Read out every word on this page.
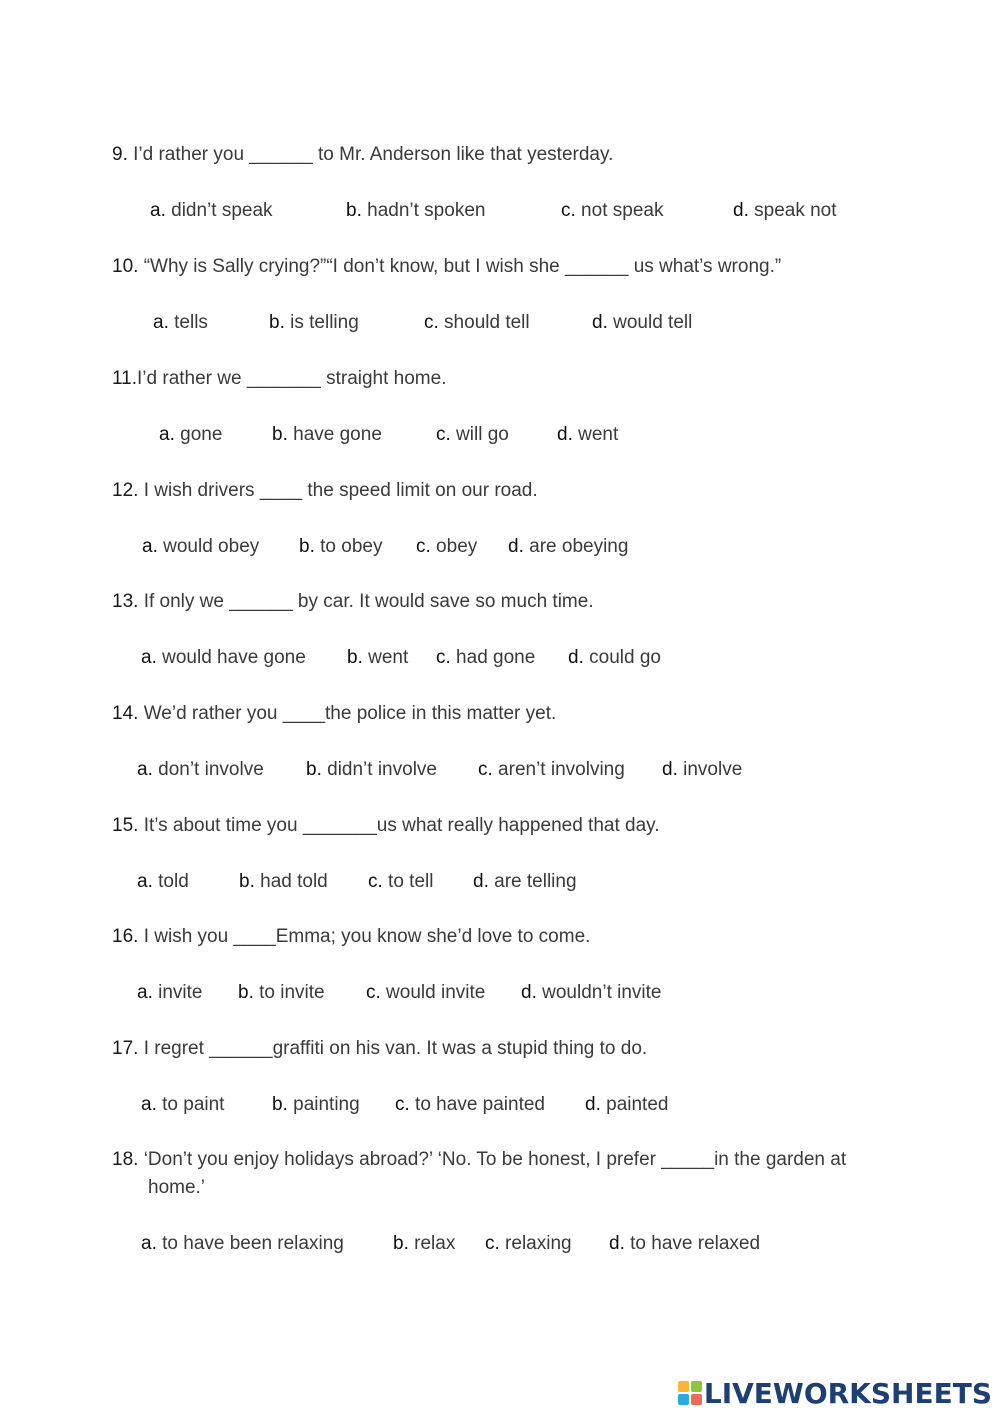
9. I’d rather you ______ to Mr. Anderson like that yesterday.
a. didn’t speak	b. hadn’t spoken	c. not speak	d. speak not
10. “Why is Sally crying?”“I don’t know, but I wish she ______ us what’s wrong.”
a. tells	b. is telling	c. should tell	d. would tell
11.I’d rather we _______ straight home.
a. gone	b. have gone	c. will go	d. went
12. I wish drivers ____ the speed limit on our road.
a. would obey b. to obey c. obey d. are obeying
13. If only we ______ by car. It would save so much time.
a. would have gone b. went c. had gone d. could go
14. We’d rather you ____the police in this matter yet.
a. don’t involve b. didn’t involve c. aren’t involving d. involve
15. It’s about time you _______us what really happened that day.
a. told	b. had told c. to tell d. are telling
16. I wish you ____Emma; you know she’d love to come.
a. invite b. to invite c. would invite d. wouldn’t invite
17. I regret ______graffiti on his van. It was a stupid thing to do.
a. to paint	b. painting c. to have painted d. painted
18. ‘Don’t you enjoy holidays abroad?’ ‘No. To be honest, I prefer _____in the garden at
home.’
a. to have been relaxing	b. relax c. relaxing d. to have relaxed
LIVEWORKSHEETS
